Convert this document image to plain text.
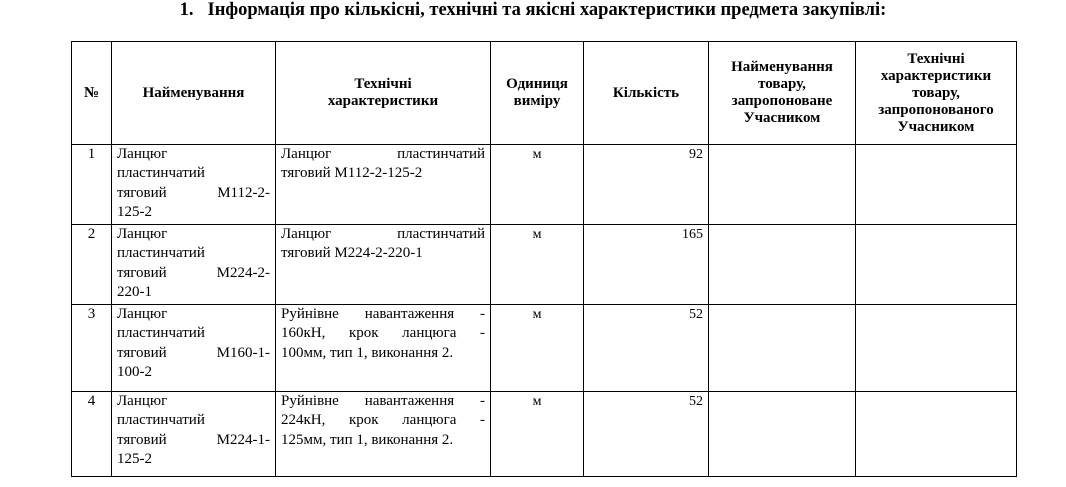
1. Інформація про кількісні, технічні та якісні характеристики предмета закупівлі:
№	Найменування	Технічні характеристики	Одиниця виміру	Кількість	Найменування товару, запропоноване Учасником	Технічні характеристики товару, запропонованого Учасником
1	Ланцюг
пластинчатий
тяговий М112-2-
125-2	Ланцюг пластинчатий
тяговий М112-2-125-2	м	92		
2	Ланцюг
пластинчатий
тяговий М224-2-
220-1	Ланцюг пластинчатий
тяговий М224-2-220-1	м	165		
3	Ланцюг
пластинчатий
тяговий М160-1-
100-2	Руйнівне навантаження -
160кН, крок ланцюга -
100мм, тип 1, виконання 2.	м	52		
4	Ланцюг
пластинчатий
тяговий М224-1-
125-2	Руйнівне навантаження -
224кН, крок ланцюга -
125мм, тип 1, виконання 2.	м	52		
